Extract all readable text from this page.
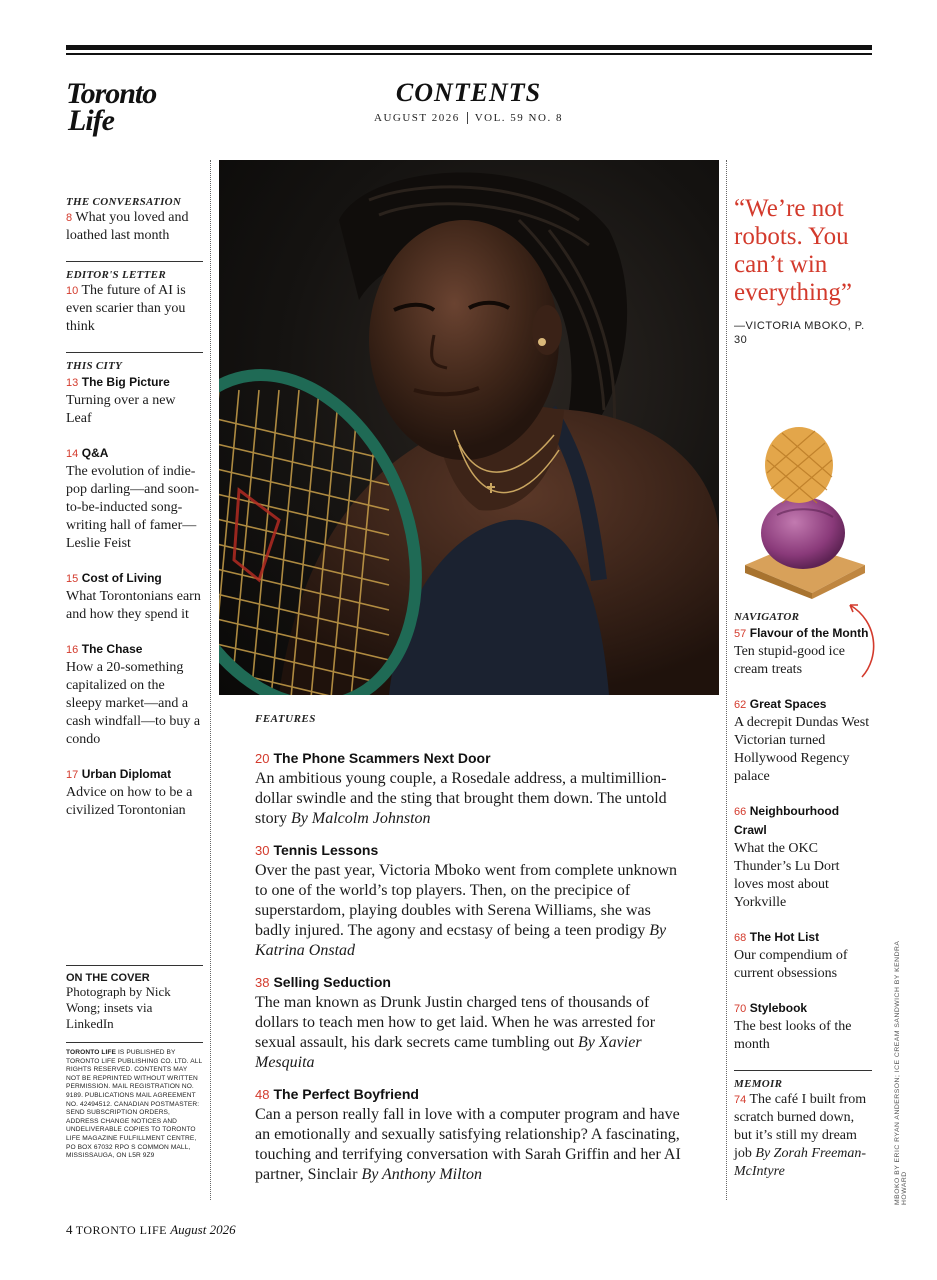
Toronto
Life
CONTENTS
AUGUST 2026 VOL. 59 NO. 8
THE CONVERSATION
8 What you loved and loathed last month
EDITOR'S LETTER
10 The future of AI is even scarier than you think
THIS CITY
13 The Big Picture
Turning over a new Leaf
14 Q&A
The evolution of indie-pop darling—and soon-to-be-inducted song-writing hall of famer—Leslie Feist
15 Cost of Living
What Torontonians earn and how they spend it
16 The Chase
How a 20-something capitalized on the sleepy market—and a cash windfall—to buy a condo
17 Urban Diplomat
Advice on how to be a civilized Torontonian
ON THE COVER
Photograph by Nick Wong; insets via LinkedIn
TORONTO LIFE IS PUBLISHED BY TORONTO LIFE PUBLISHING CO. LTD. ALL RIGHTS RESERVED. CONTENTS MAY NOT BE REPRINTED WITHOUT WRITTEN PERMISSION. MAIL REGISTRATION NO. 9189. PUBLICATIONS MAIL AGREEMENT NO. 42494512. CANADIAN POSTMASTER: SEND SUBSCRIPTION ORDERS, ADDRESS CHANGE NOTICES AND UNDELIVERABLE COPIES TO TORONTO LIFE MAGAZINE FULFILLMENT CENTRE, PO BOX 67032 RPO S COMMON MALL, MISSISSAUGA, ON L5R 9Z9
FEATURES
20 The Phone Scammers Next Door
An ambitious young couple, a Rosedale address, a multimillion-dollar swindle and the sting that brought them down. The untold story By Malcolm Johnston
30 Tennis Lessons
Over the past year, Victoria Mboko went from complete unknown to one of the world’s top players. Then, on the precipice of superstardom, playing doubles with Serena Williams, she was badly injured. The agony and ecstasy of being a teen prodigy By Katrina Onstad
38 Selling Seduction
The man known as Drunk Justin charged tens of thousands of dollars to teach men how to get laid. When he was arrested for sexual assault, his dark secrets came tumbling out By Xavier Mesquita
48 The Perfect Boyfriend
Can a person really fall in love with a computer program and have an emotionally and sexually satisfying relationship? A fascinating, touching and terrifying conversation with Sarah Griffin and her AI partner, Sinclair By Anthony Milton
“We’re not robots. You can’t win everything”
—VICTORIA MBOKO, P. 30
NAVIGATOR
57 Flavour of the Month
Ten stupid-good ice cream treats
62 Great Spaces
A decrepit Dundas West Victorian turned Hollywood Regency palace
66 Neighbourhood Crawl
What the OKC Thunder’s Lu Dort loves most about Yorkville
68 The Hot List
Our compendium of current obsessions
70 Stylebook
The best looks of the month
MEMOIR
74 The café I built from scratch burned down, but it’s still my dream job By Zorah Freeman-McIntyre	MBOKO BY ERIC RYAN ANDERSON; ICE CREAM SANDWICH BY KENDRA HOWARD
4 TORONTO LIFE August 2026
